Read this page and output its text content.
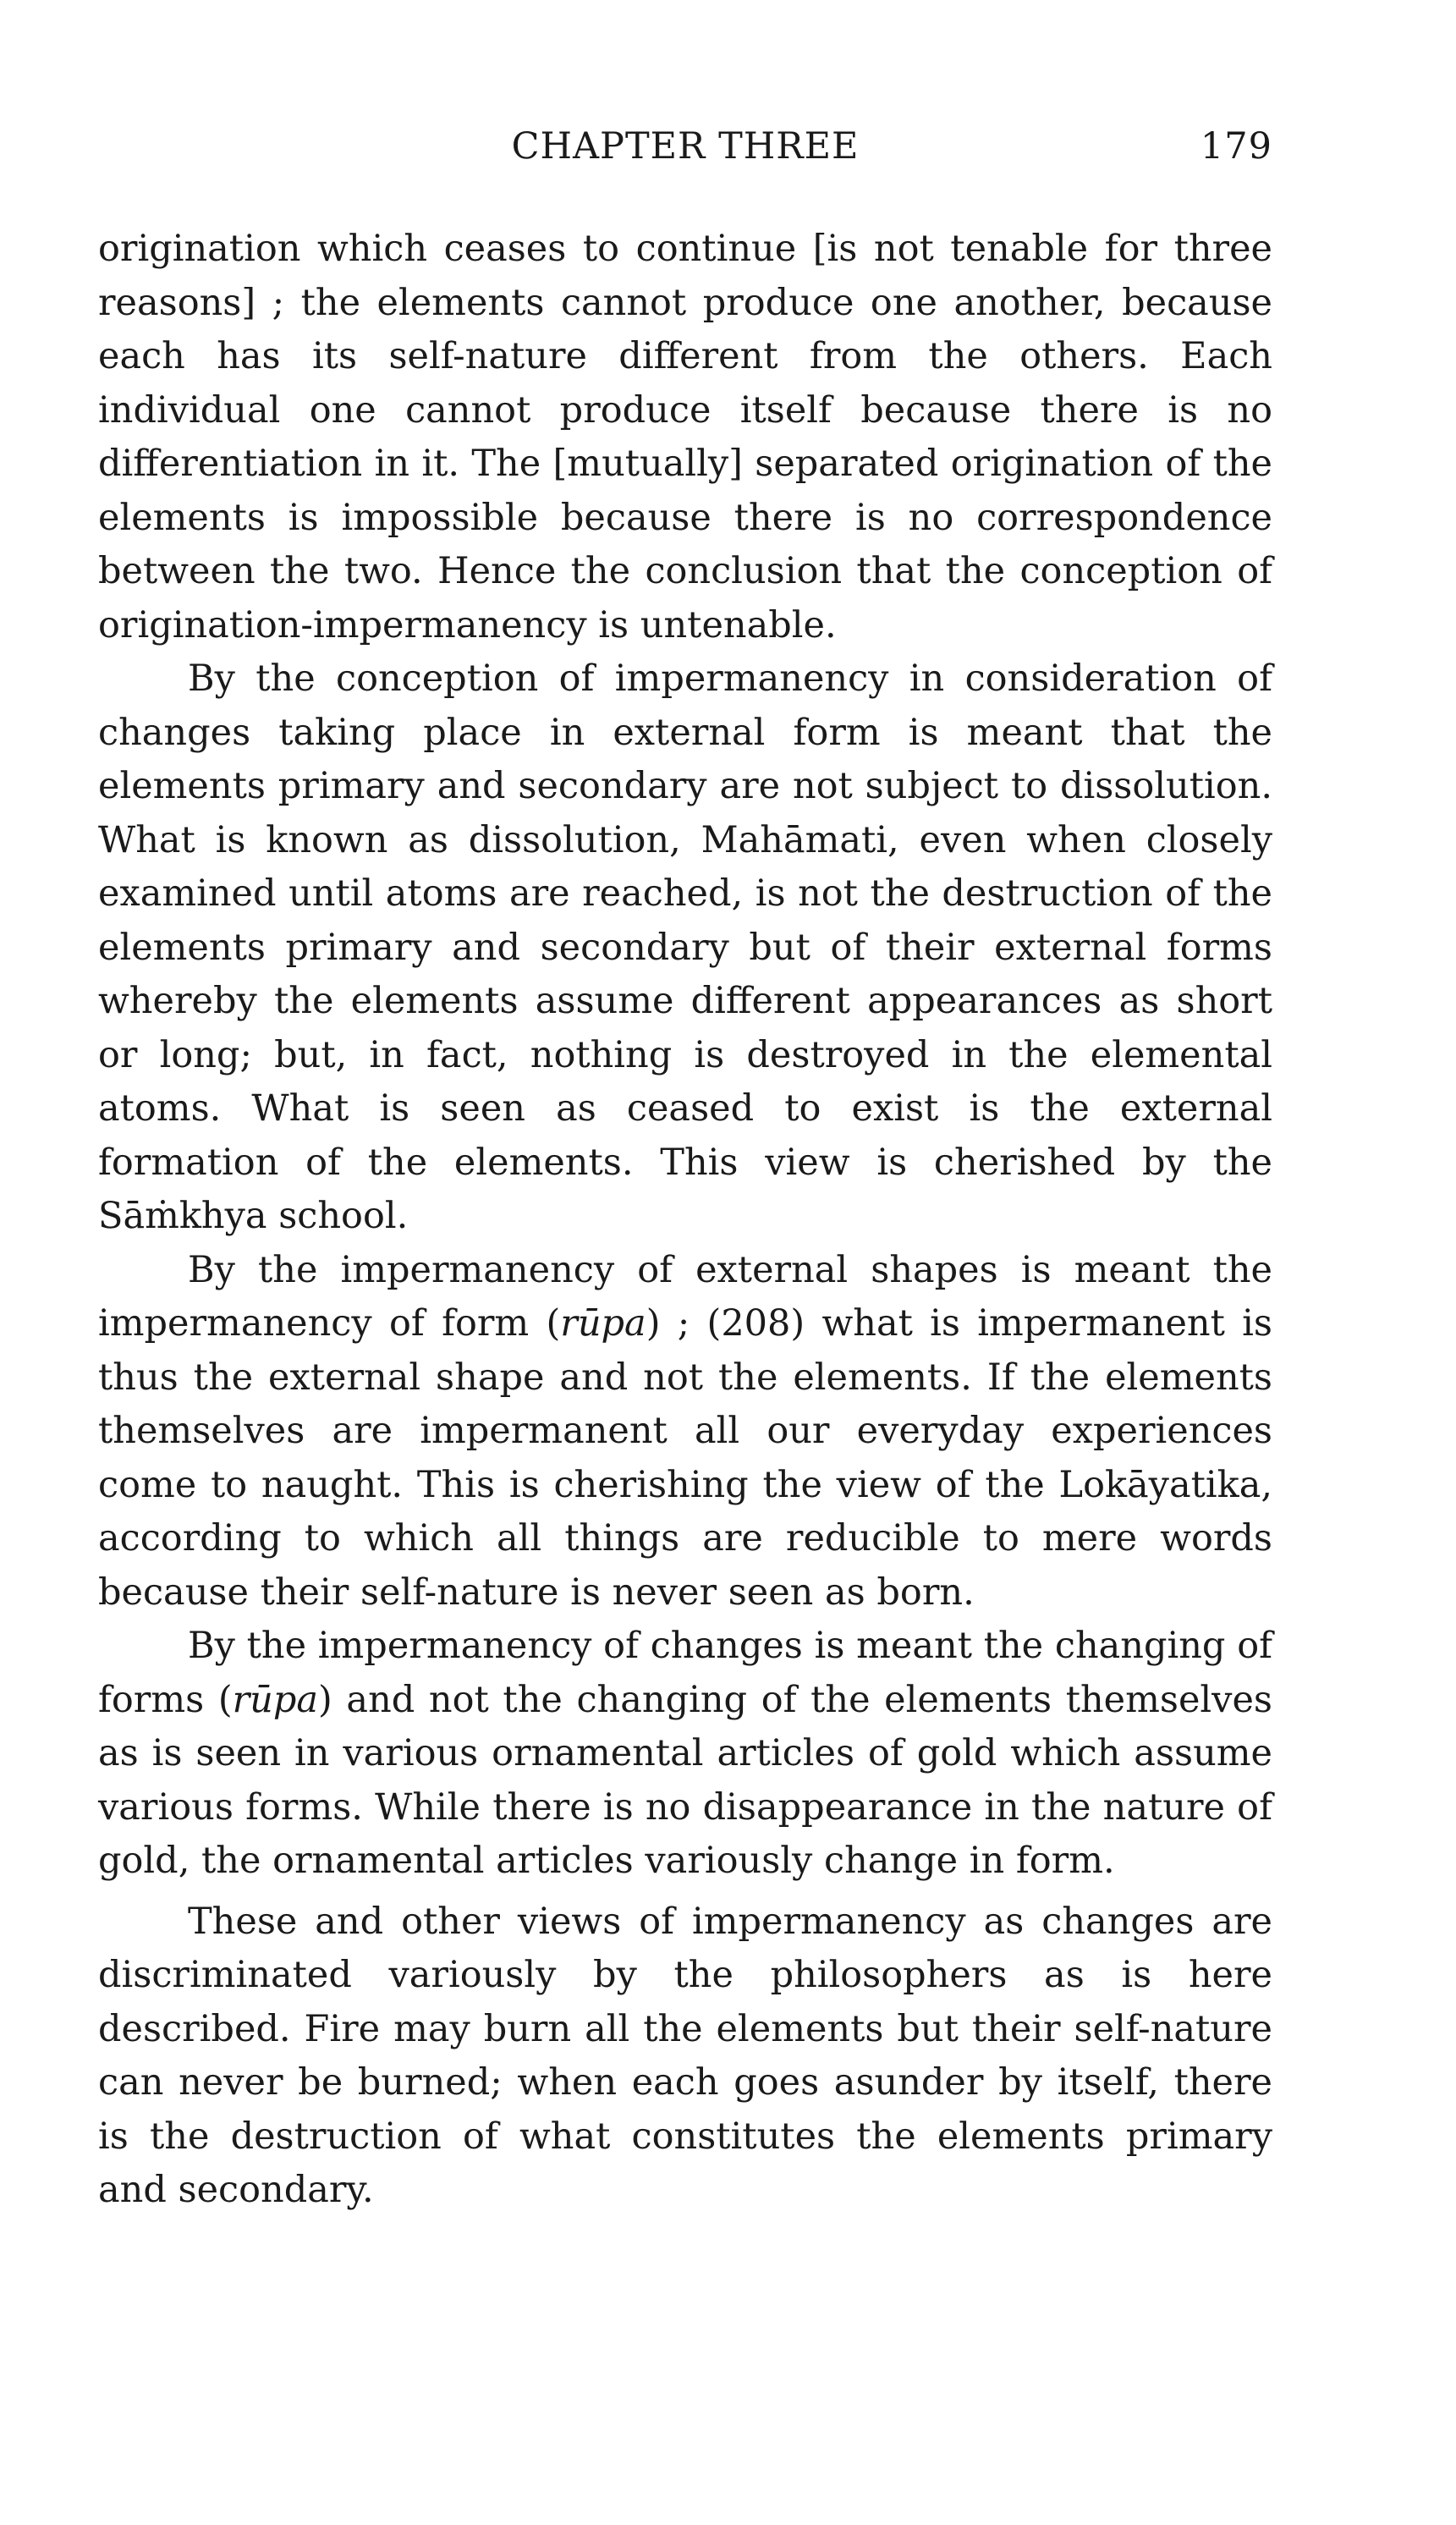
CHAPTER THREE	179

origination which ceases to continue [is not tenable for three reasons] ; the elements cannot produce one another, because each has its self-nature different from the others. Each individual one cannot produce itself because there is no differentiation in it. The [mutually] separated origination of the elements is impossible because there is no correspondence between the two. Hence the conclusion that the conception of origination-impermanency is untenable.

By the conception of impermanency in consideration of changes taking place in external form is meant that the elements primary and secondary are not subject to dissolution. What is known as dissolution, Mahāmati, even when closely examined until atoms are reached, is not the destruction of the elements primary and secondary but of their external forms whereby the elements assume different appearances as short or long; but, in fact, nothing is destroyed in the elemental atoms. What is seen as ceased to exist is the external formation of the elements. This view is cherished by the Sāṁkhya school.

By the impermanency of external shapes is meant the impermanency of form (rūpa) ; (208) what is impermanent is thus the external shape and not the elements. If the elements themselves are impermanent all our everyday experiences come to naught. This is cherishing the view of the Lokāyatika, according to which all things are reducible to mere words because their self-nature is never seen as born.

By the impermanency of changes is meant the changing of forms (rūpa) and not the changing of the elements themselves as is seen in various ornamental articles of gold which assume various forms. While there is no disappearance in the nature of gold, the ornamental articles variously change in form.

These and other views of impermanency as changes are discriminated variously by the philosophers as is here described. Fire may burn all the elements but their self-nature can never be burned; when each goes asunder by itself, there is the destruction of what constitutes the elements primary and secondary.
